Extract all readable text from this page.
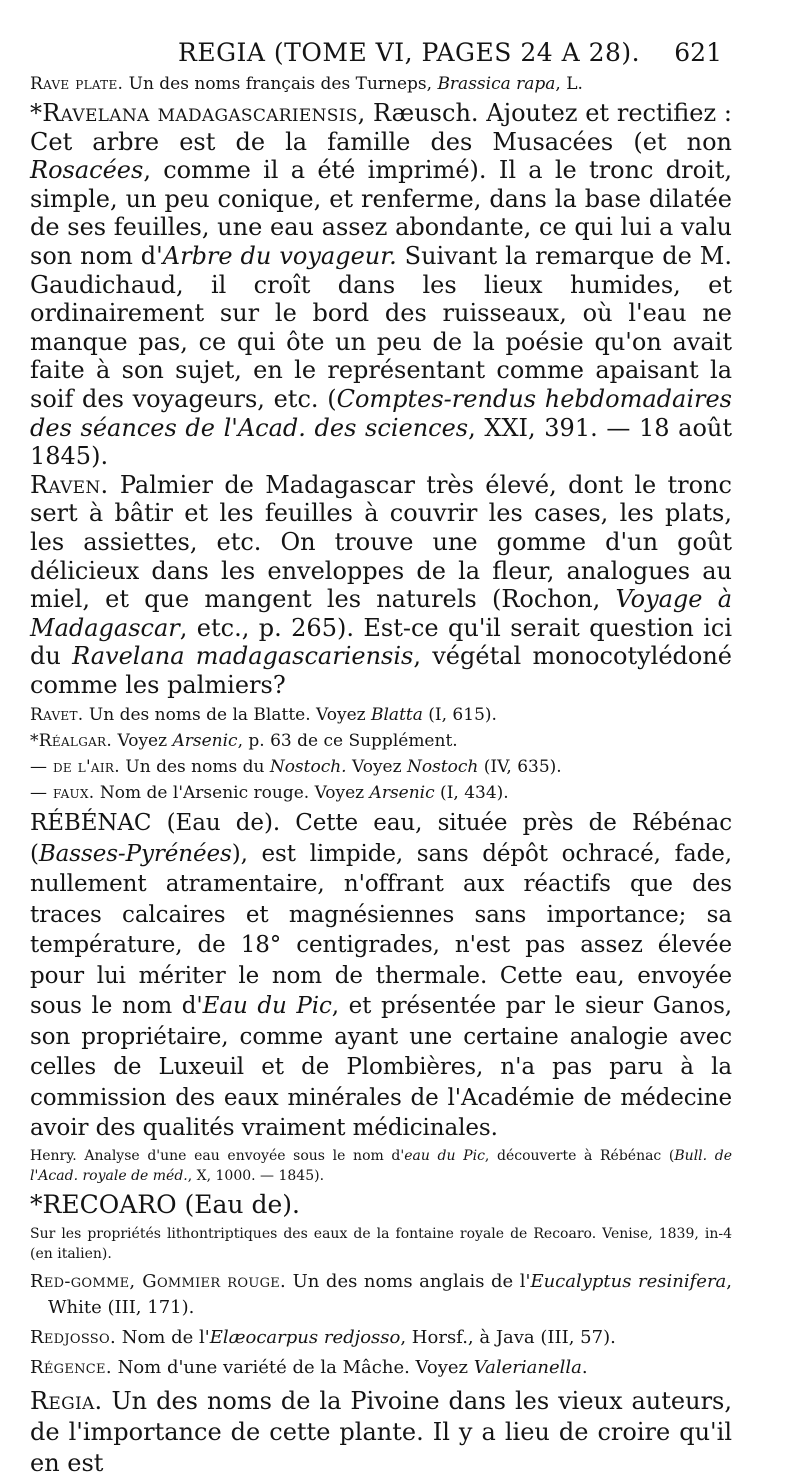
REGIA (TOME VI, PAGES 24 A 28). 621

Rave plate. Un des noms français des Turneps, Brassica rapa, L.

*Ravelana madagascariensis, Ræusch. Ajoutez et rectifiez : Cet arbre est de la famille des Musacées (et non Rosacées, comme il a été imprimé). Il a le tronc droit, simple, un peu conique, et renferme, dans la base dilatée de ses feuilles, une eau assez abondante, ce qui lui a valu son nom d'Arbre du voyageur. Suivant la remarque de M. Gaudichaud, il croît dans les lieux humides, et ordinairement sur le bord des ruisseaux, où l'eau ne manque pas, ce qui ôte un peu de la poésie qu'on avait faite à son sujet, en le représentant comme apaisant la soif des voyageurs, etc. (Comptes-rendus hebdomadaires des séances de l'Acad. des sciences, XXI, 391. — 18 août 1845).

Raven. Palmier de Madagascar très élevé, dont le tronc sert à bâtir et les feuilles à couvrir les cases, les plats, les assiettes, etc. On trouve une gomme d'un goût délicieux dans les enveloppes de la fleur, analogues au miel, et que mangent les naturels (Rochon, Voyage à Madagascar, etc., p. 265). Est-ce qu'il serait question ici du Ravelana madagascariensis, végétal monocotylédoné comme les palmiers?

Ravet. Un des noms de la Blatte. Voyez Blatta (I, 615).

*Réalgar. Voyez Arsenic, p. 63 de ce Supplément.

— de l'air. Un des noms du Nostoch. Voyez Nostoch (IV, 635).

— faux. Nom de l'Arsenic rouge. Voyez Arsenic (I, 434).

RÉBÉNAC (Eau de). Cette eau, située près de Rébénac (Basses-Pyrénées), est limpide, sans dépôt ochracé, fade, nullement atramentaire, n'offrant aux réactifs que des traces calcaires et magnésiennes sans importance; sa température, de 18° centigrades, n'est pas assez élevée pour lui mériter le nom de thermale. Cette eau, envoyée sous le nom d'Eau du Pic, et présentée par le sieur Ganos, son propriétaire, comme ayant une certaine analogie avec celles de Luxeuil et de Plombières, n'a pas paru à la commission des eaux minérales de l'Académie de médecine avoir des qualités vraiment médicinales.

Henry. Analyse d'une eau envoyée sous le nom d'eau du Pic, découverte à Rébénac (Bull. de l'Acad. royale de méd., X, 1000. — 1845).

*RECOARO (Eau de).

Sur les propriétés lithontriptiques des eaux de la fontaine royale de Recoaro. Venise, 1839, in-4 (en italien).

Red-gomme, Gommier rouge. Un des noms anglais de l'Eucalyptus resinifera, White (III, 171).

Redjosso. Nom de l'Elæocarpus redjosso, Horsf., à Java (III, 57).

Régence. Nom d'une variété de la Mâche. Voyez Valerianella.

Regia. Un des noms de la Pivoine dans les vieux auteurs, de l'importance de cette plante. Il y a lieu de croire qu'il en est
